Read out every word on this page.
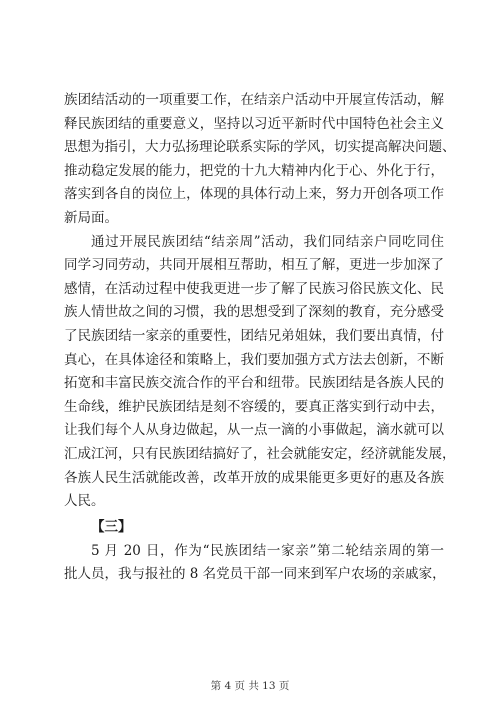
族团结活动的一项重要工作，在结亲户活动中开展宣传活动，解
释民族团结的重要意义，坚持以习近平新时代中国特色社会主义
思想为指引，大力弘扬理论联系实际的学风，切实提高解决问题、
推动稳定发展的能力，把党的十九大精神内化于心、外化于行，
落实到各自的岗位上，体现的具体行动上来，努力开创各项工作
新局面。
通过开展民族团结“结亲周”活动，我们同结亲户同吃同住
同学习同劳动，共同开展相互帮助，相互了解，更进一步加深了
感情，在活动过程中使我更进一步了解了民族习俗民族文化、民
族人情世故之间的习惯，我的思想受到了深刻的教育，充分感受
了民族团结一家亲的重要性，团结兄弟姐妹，我们要出真情，付
真心，在具体途径和策略上，我们要加强方式方法去创新，不断
拓宽和丰富民族交流合作的平台和纽带。民族团结是各族人民的
生命线，维护民族团结是刻不容缓的，要真正落实到行动中去，
让我们每个人从身边做起，从一点一滴的小事做起，滴水就可以
汇成江河，只有民族团结搞好了，社会就能安定，经济就能发展，
各族人民生活就能改善，改革开放的成果能更多更好的惠及各族
人民。
【三】
5 月 20 日，作为“民族团结一家亲”第二轮结亲周的第一
批人员，我与报社的 8 名党员干部一同来到军户农场的亲戚家，
第 4 页 共 13 页
